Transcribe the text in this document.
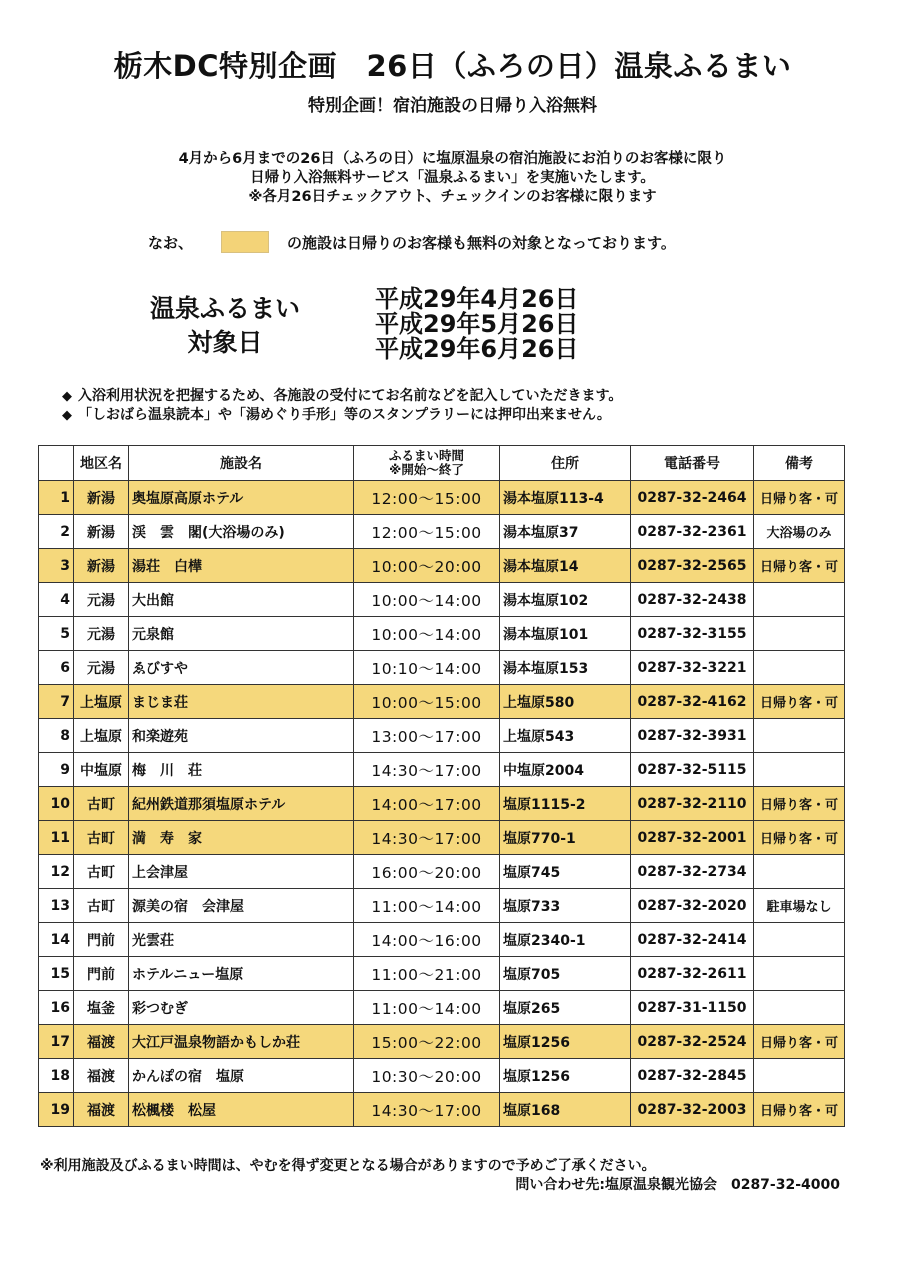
栃木DC特別企画　26日（ふろの日）温泉ふるまい
特別企画！宿泊施設の日帰り入浴無料
4月から6月までの26日（ふろの日）に塩原温泉の宿泊施設にお泊りのお客様に限り
日帰り入浴無料サービス「温泉ふるまい」を実施いたします。
※各月26日チェックアウト、チェックインのお客様に限ります
なお、	の施設は日帰りのお客様も無料の対象となっております。
温泉ふるまい
対象日
平成29年4月26日
平成29年5月26日
平成29年6月26日
◆ 入浴利用状況を把握するため、各施設の受付にてお名前などを記入していただきます。
◆ 「しおばら温泉読本」や「湯めぐり手形」等のスタンプラリーには押印出来ません。
	地区名	施設名	ふるまい時間
※開始～終了	住所	電話番号	備考
1	新湯	奥塩原高原ホテル	12:00～15:00	湯本塩原113-4	0287-32-2464	日帰り客・可
2	新湯	渓　雲　閣(大浴場のみ)	12:00～15:00	湯本塩原37	0287-32-2361	大浴場のみ
3	新湯	湯荘　白樺	10:00～20:00	湯本塩原14	0287-32-2565	日帰り客・可
4	元湯	大出館	10:00～14:00	湯本塩原102	0287-32-2438	
5	元湯	元泉館	10:00～14:00	湯本塩原101	0287-32-3155	
6	元湯	ゑびすや	10:10～14:00	湯本塩原153	0287-32-3221	
7	上塩原	まじま荘	10:00～15:00	上塩原580	0287-32-4162	日帰り客・可
8	上塩原	和楽遊苑	13:00～17:00	上塩原543	0287-32-3931	
9	中塩原	梅　川　荘	14:30～17:00	中塩原2004	0287-32-5115	
10	古町	紀州鉄道那須塩原ホテル	14:00～17:00	塩原1115-2	0287-32-2110	日帰り客・可
11	古町	満　寿　家	14:30～17:00	塩原770-1	0287-32-2001	日帰り客・可
12	古町	上会津屋	16:00～20:00	塩原745	0287-32-2734	
13	古町	源美の宿　会津屋	11:00～14:00	塩原733	0287-32-2020	駐車場なし
14	門前	光雲荘	14:00～16:00	塩原2340-1	0287-32-2414	
15	門前	ホテルニュー塩原	11:00～21:00	塩原705	0287-32-2611	
16	塩釜	彩つむぎ	11:00～14:00	塩原265	0287-31-1150	
17	福渡	大江戸温泉物語かもしか荘	15:00～22:00	塩原1256	0287-32-2524	日帰り客・可
18	福渡	かんぽの宿　塩原	10:30～20:00	塩原1256	0287-32-2845	
19	福渡	松楓楼　松屋	14:30～17:00	塩原168	0287-32-2003	日帰り客・可
※利用施設及びふるまい時間は、やむを得ず変更となる場合がありますので予めご了承ください。
問い合わせ先:塩原温泉観光協会　0287-32-4000
